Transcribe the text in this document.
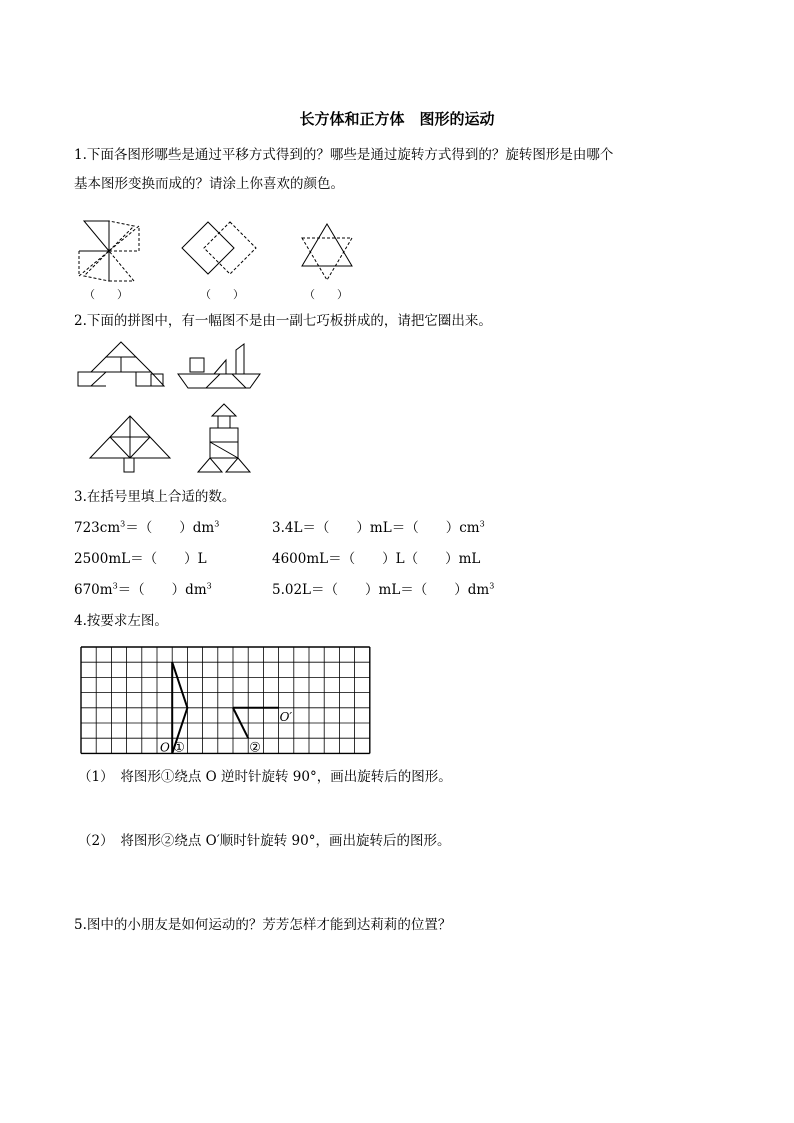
长方体和正方体　图形的运动
1.下面各图形哪些是通过平移方式得到的？哪些是通过旋转方式得到的？旋转图形是由哪个
基本图形变换而成的？请涂上你喜欢的颜色。
（　　）	（　　）	（　　）
2.下面的拼图中，有一幅图不是由一副七巧板拼成的，请把它圈出来。
3.在括号里填上合适的数。
$723cm^3=$（　　）$dm^3$	3.4L＝（　　）mL＝（　　）$cm^3$
2500mL＝（　　）L	4600mL＝（　　）L（　　）mL
$670m^3=$（　　）$dm^3$	5.02L＝（　　）mL＝（　　）$dm^3$
4.按要求左图。
O ①	②
O′
（1）　将图形①绕点 O 逆时针旋转 90°，画出旋转后的图形。
（2）　将图形②绕点 O′顺时针旋转 90°，画出旋转后的图形。
5.图中的小朋友是如何运动的？芳芳怎样才能到达莉莉的位置？
